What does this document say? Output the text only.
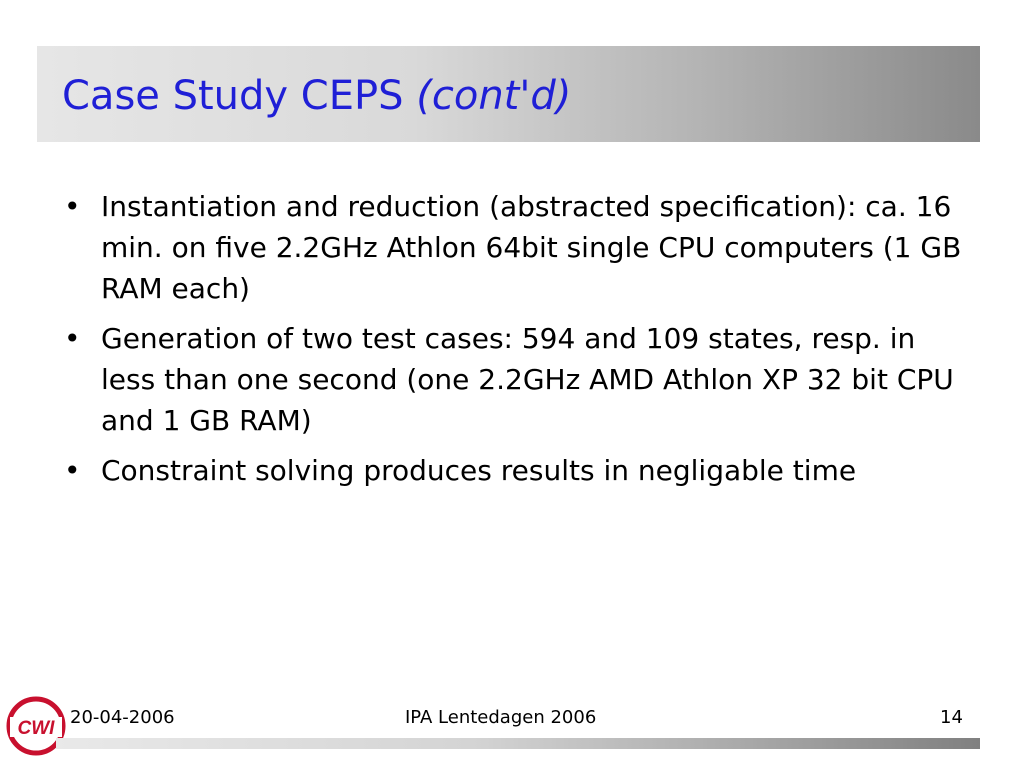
Case Study CEPS (cont'd)
• Instantiation and reduction (abstracted specification): ca. 16 min. on five 2.2GHz Athlon 64bit single CPU computers (1 GB RAM each)
• Generation of two test cases: 594 and 109 states, resp. in less than one second (one 2.2GHz AMD Athlon XP 32 bit CPU and 1 GB RAM)
• Constraint solving produces results in negligable time
CWI
20-04-2006	IPA Lentedagen 2006	14
